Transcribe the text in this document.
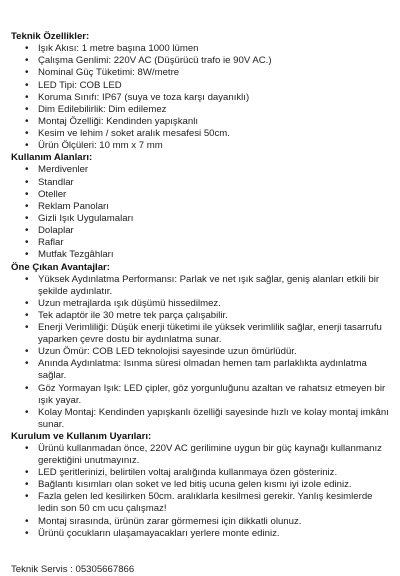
Teknik Özellikler:
• Işık Akısı: 1 metre başına 1000 lümen
• Çalışma Genlimi: 220V AC (Düşürücü trafo ie 90V AC.)
• Nominal Güç Tüketimi: 8W/metre
• LED Tipi: COB LED
• Koruma Sınıfı: IP67 (suya ve toza karşı dayanıklı)
• Dim Edilebilirlik: Dim edilemez
• Montaj Özelliği: Kendinden yapışkanlı
• Kesim ve lehim / soket aralık mesafesi 50cm.
• Ürün Ölçüleri: 10 mm x 7 mm
Kullanım Alanları:
• Merdivenler
• Standlar
• Oteller
• Reklam Panoları
• Gizli Işık Uygulamaları
• Dolaplar
• Raflar
• Mutfak Tezgâhları
Öne Çıkan Avantajlar:
• Yüksek Aydınlatma Performansı: Parlak ve net ışık sağlar, geniş alanları etkili bir şekilde aydınlatır.
• Uzun metrajlarda ışık düşümü hissedilmez.
• Tek adaptör ile 30 metre tek parça çalışabilir.
• Enerji Verimliliği: Düşük enerji tüketimi ile yüksek verimlilik sağlar, enerji tasarrufu yaparken çevre dostu bir aydınlatma sunar.
• Uzun Ömür: COB LED teknolojisi sayesinde uzun ömürlüdür.
• Anında Aydınlatma: Isınma süresi olmadan hemen tam parlaklıkta aydınlatma sağlar.
• Göz Yormayan Işık: LED çipler, göz yorgunluğunu azaltan ve rahatsız etmeyen bir ışık yayar.
• Kolay Montaj: Kendinden yapışkanlı özelliği sayesinde hızlı ve kolay montaj imkânı sunar.
Kurulum ve Kullanım Uyarıları:
• Ürünü kullanmadan önce, 220V AC gerilimine uygun bir güç kaynağı kullanmanız gerektiğini unutmayınız.
• LED şeritlerinizi, belirtilen voltaj aralığında kullanmaya özen gösteriniz.
• Bağlantı kısımları olan soket ve led bitiş ucuna gelen kısmı iyi izole ediniz.
• Fazla gelen led kesilirken 50cm. aralıklarla kesilmesi gerekir. Yanlış kesimlerde ledin son 50 cm ucu çalışmaz!
• Montaj sırasında, ürünün zarar görmemesi için dikkatli olunuz.
• Ürünü çocukların ulaşamayacakları yerlere monte ediniz.
Teknik Servis : 05305667866
